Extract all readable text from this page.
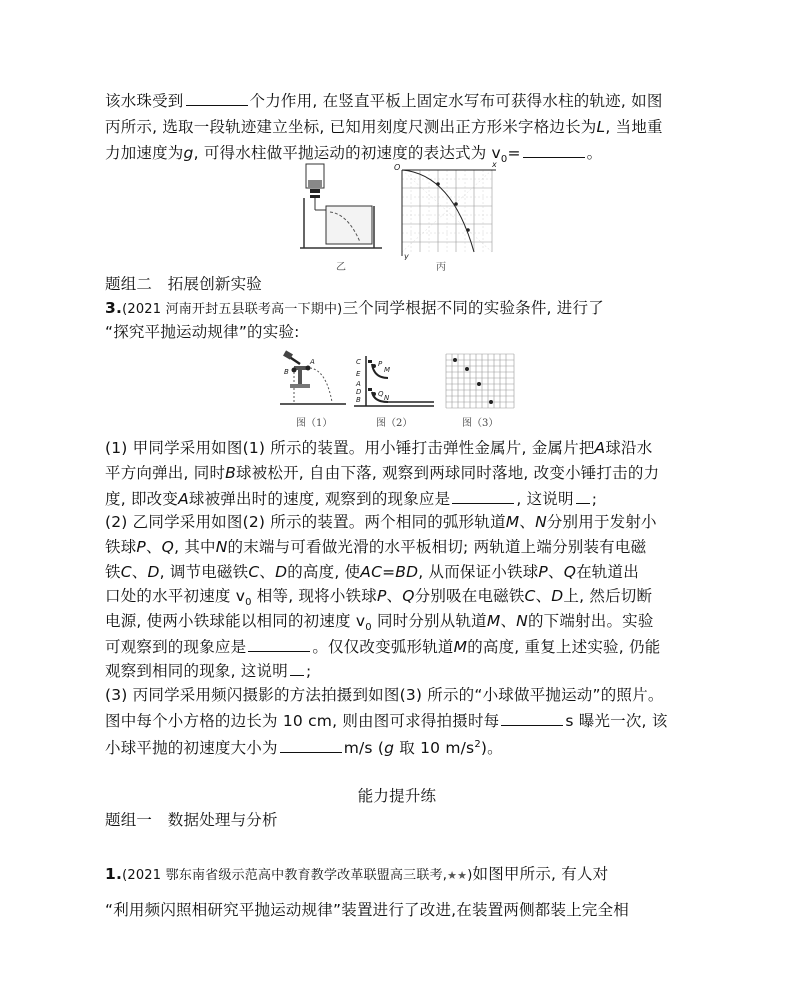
该水珠受到	个力作用, 在竖直平板上固定水写布可获得水柱的轨迹, 如图
丙所示, 选取一段轨迹建立坐标, 已知用刻度尺测出正方形米字格边长为L, 当地重
力加速度为g, 可得水柱做平抛运动的初速度的表达式为 $v_0=$	。
乙
O	x
y
丙
题组二　拓展创新实验
3.(2021 河南开封五县联考高一下期中)三个同学根据不同的实验条件, 进行了
“探究平抛运动规律”的实验:
A
B
图（1）
C
E
A
D
B
P
M
Q N
图（2）	图（3）
(1) 甲同学采用如图(1) 所示的装置。用小锤打击弹性金属片, 金属片把A球沿水
平方向弹出, 同时B球被松开, 自由下落, 观察到两球同时落地, 改变小锤打击的力
度, 即改变A球被弹出时的速度, 观察到的现象应是	, 这说明 ;
(2) 乙同学采用如图(2) 所示的装置。两个相同的弧形轨道M、N分别用于发射小
铁球P、Q, 其中N的末端与可看做光滑的水平板相切; 两轨道上端分别装有电磁
铁C、D, 调节电磁铁C、D的高度, 使AC=BD, 从而保证小铁球P、Q在轨道出
口处的水平初速度 $v_0$ 相等, 现将小铁球P、Q分别吸在电磁铁C、D上, 然后切断
电源, 使两小铁球能以相同的初速度 $v_0$ 同时分别从轨道M、N的下端射出。实验
可观察到的现象应是	。仅仅改变弧形轨道M的高度, 重复上述实验, 仍能
观察到相同的现象, 这说明 ;
(3) 丙同学采用频闪摄影的方法拍摄到如图(3) 所示的“小球做平抛运动”的照片。
图中每个小方格的边长为 10 cm, 则由图可求得拍摄时每	s 曝光一次, 该
小球平抛的初速度大小为	m/s (g 取 10 $m/s^2$)。
能力提升练
题组一　数据处理与分析
1.(2021 鄂东南省级示范高中教育教学改革联盟高三联考,★★)如图甲所示, 有人对
“利用频闪照相研究平抛运动规律”装置进行了改进,在装置两侧都装上完全相
